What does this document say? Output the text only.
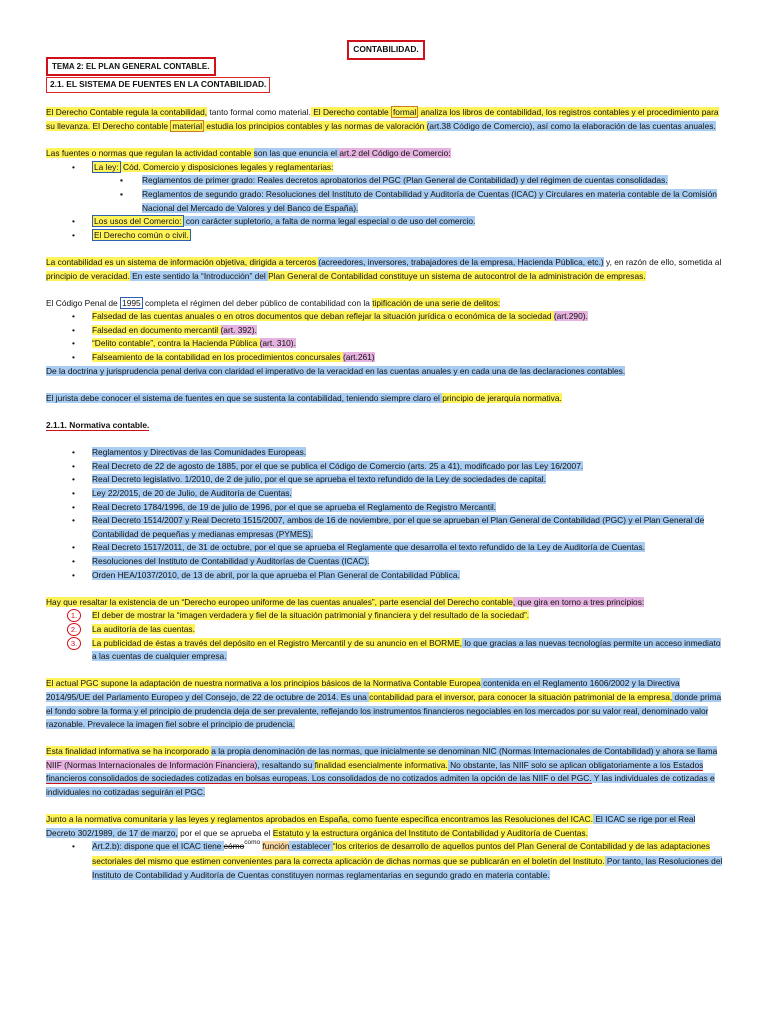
CONTABILIDAD.
TEMA 2: EL PLAN GENERAL CONTABLE.
2.1. EL SISTEMA DE FUENTES EN LA CONTABILIDAD.

El Derecho Contable regula la contabilidad, tanto formal como material. El Derecho contable formal analiza los libros de contabilidad, los registros contables y el procedimiento para su llevanza. El Derecho contable material estudia los principios contables y las normas de valoración (art.38 Código de Comercio), así como la elaboración de las cuentas anuales.

Las fuentes o normas que regulan la actividad contable son las que enuncia el art.2 del Código de Comercio:

• La ley: Cód. Comercio y disposiciones legales y reglamentarias:
▪ Reglamentos de primer grado: Reales decretos aprobatorios del PGC (Plan General de Contabilidad) y del régimen de cuentas consolidadas.
▪ Reglamentos de segundo grado: Resoluciones del Instituto de Contabilidad y Auditoría de Cuentas (ICAC) y Circulares en materia contable de la Comisión Nacional del Mercado de Valores y del Banco de España).
• Los usos del Comercio: con carácter supletorio, a falta de norma legal especial o de uso del comercio.
• El Derecho común o civil.

La contabilidad es un sistema de información objetiva, dirigida a terceros (acreedores, inversores, trabajadores de la empresa, Hacienda Pública, etc.) y, en razón de ello, sometida al principio de veracidad. En este sentido la “Introducción” del Plan General de Contabilidad constituye un sistema de autocontrol de la administración de empresas.

El Código Penal de 1995 completa el régimen del deber público de contabilidad con la tipificación de una serie de delitos:

• Falsedad de las cuentas anuales o en otros documentos que deban reflejar la situación jurídica o económica de la sociedad (art.290).
• Falsedad en documento mercantil (art. 392).
• “Delito contable”, contra la Hacienda Pública (art. 310).
• Falseamiento de la contabilidad en los procedimientos concursales (art.261)

De la doctrina y jurisprudencia penal deriva con claridad el imperativo de la veracidad en las cuentas anuales y en cada una de las declaraciones contables.

El jurista debe conocer el sistema de fuentes en que se sustenta la contabilidad, teniendo siempre claro el principio de jerarquía normativa.

2.1.1. Normativa contable.

• Reglamentos y Directivas de las Comunidades Europeas.
• Real Decreto de 22 de agosto de 1885, por el que se publica el Código de Comercio (arts. 25 a 41), modificado por las Ley 16/2007.
• Real Decreto legislativo. 1/2010, de 2 de julio, por el que se aprueba el texto refundido de la Ley de sociedades de capital.
• Ley 22/2015, de 20 de Julio, de Auditoría de Cuentas.
• Real Decreto 1784/1996, de 19 de julio de 1996, por el que se aprueba el Reglamento de Registro Mercantil.
• Real Decreto 1514/2007 y Real Decreto 1515/2007, ambos de 16 de noviembre, por el que se aprueban el Plan General de Contabilidad (PGC) y el Plan General de Contabilidad de pequeñas y medianas empresas (PYMES).
• Real Decreto 1517/2011, de 31 de octubre, por el que se aprueba el Reglamente que desarrolla el texto refundido de la Ley de Auditoría de Cuentas.
• Resoluciones del Instituto de Contabilidad y Auditorías de Cuentas (ICAC).
• Orden HEA/1037/2010, de 13 de abril, por la que aprueba el Plan General de Contabilidad Pública.

Hay que resaltar la existencia de un “Derecho europeo uniforme de las cuentas anuales”, parte esencial del Derecho contable, que gira en torno a tres principios:

1.	El deber de mostrar la “imagen verdadera y fiel de la situación patrimonial y financiera y del resultado de la sociedad”.
2.	La auditoría de las cuentas.
3.	La publicidad de éstas a través del depósito en el Registro Mercantil y de su anuncio en el BORME, lo que gracias a las nuevas tecnologías permite un acceso inmediato a las cuentas de cualquier empresa.

El actual PGC supone la adaptación de nuestra normativa a los principios básicos de la Normativa Contable Europea contenida en el Reglamento 1606/2002 y la Directiva 2014/95/UE del Parlamento Europeo y del Consejo, de 22 de octubre de 2014. Es una contabilidad para el inversor, para conocer la situación patrimonial de la empresa, donde prima el fondo sobre la forma y el principio de prudencia deja de ser prevalente, reflejando los instrumentos financieros negociables en los mercados por su valor real, denominado valor razonable. Prevalece la imagen fiel sobre el principio de prudencia.

Esta finalidad informativa se ha incorporado a la propia denominación de las normas, que inicialmente se denominan NIC (Normas Internacionales de Contabilidad) y ahora se llama NIIF (Normas Internacionales de Información Financiera), resaltando su finalidad esencialmente informativa. No obstante, las NIIF solo se aplican obligatoriamente a los Estados financieros consolidados de sociedades cotizadas en bolsas europeas. Los consolidados de no cotizados admiten la opción de las NIIF o del PGC. Y las individuales de cotizadas e individuales no cotizadas seguirán el PGC.

Junto a la normativa comunitaria y las leyes y reglamentos aprobados en España, como fuente específica encontramos las Resoluciones del ICAC. El ICAC se rige por el Real Decreto 302/1989, de 17 de marzo, por el que se aprueba el Estatuto y la estructura orgánica del Instituto de Contabilidad y Auditoría de Cuentas.

• Art.2.b): dispone que el ICAC tiene cómo$^{como}$ función establecer “los criterios de desarrollo de aquellos puntos del Plan General de Contabilidad y de las adaptaciones sectoriales del mismo que estimen convenientes para la correcta aplicación de dichas normas que se publicarán en el boletín del Instituto. Por tanto, las Resoluciones del Instituto de Contabilidad y Auditoría de Cuentas constituyen normas reglamentarias en segundo grado en materia contable.
